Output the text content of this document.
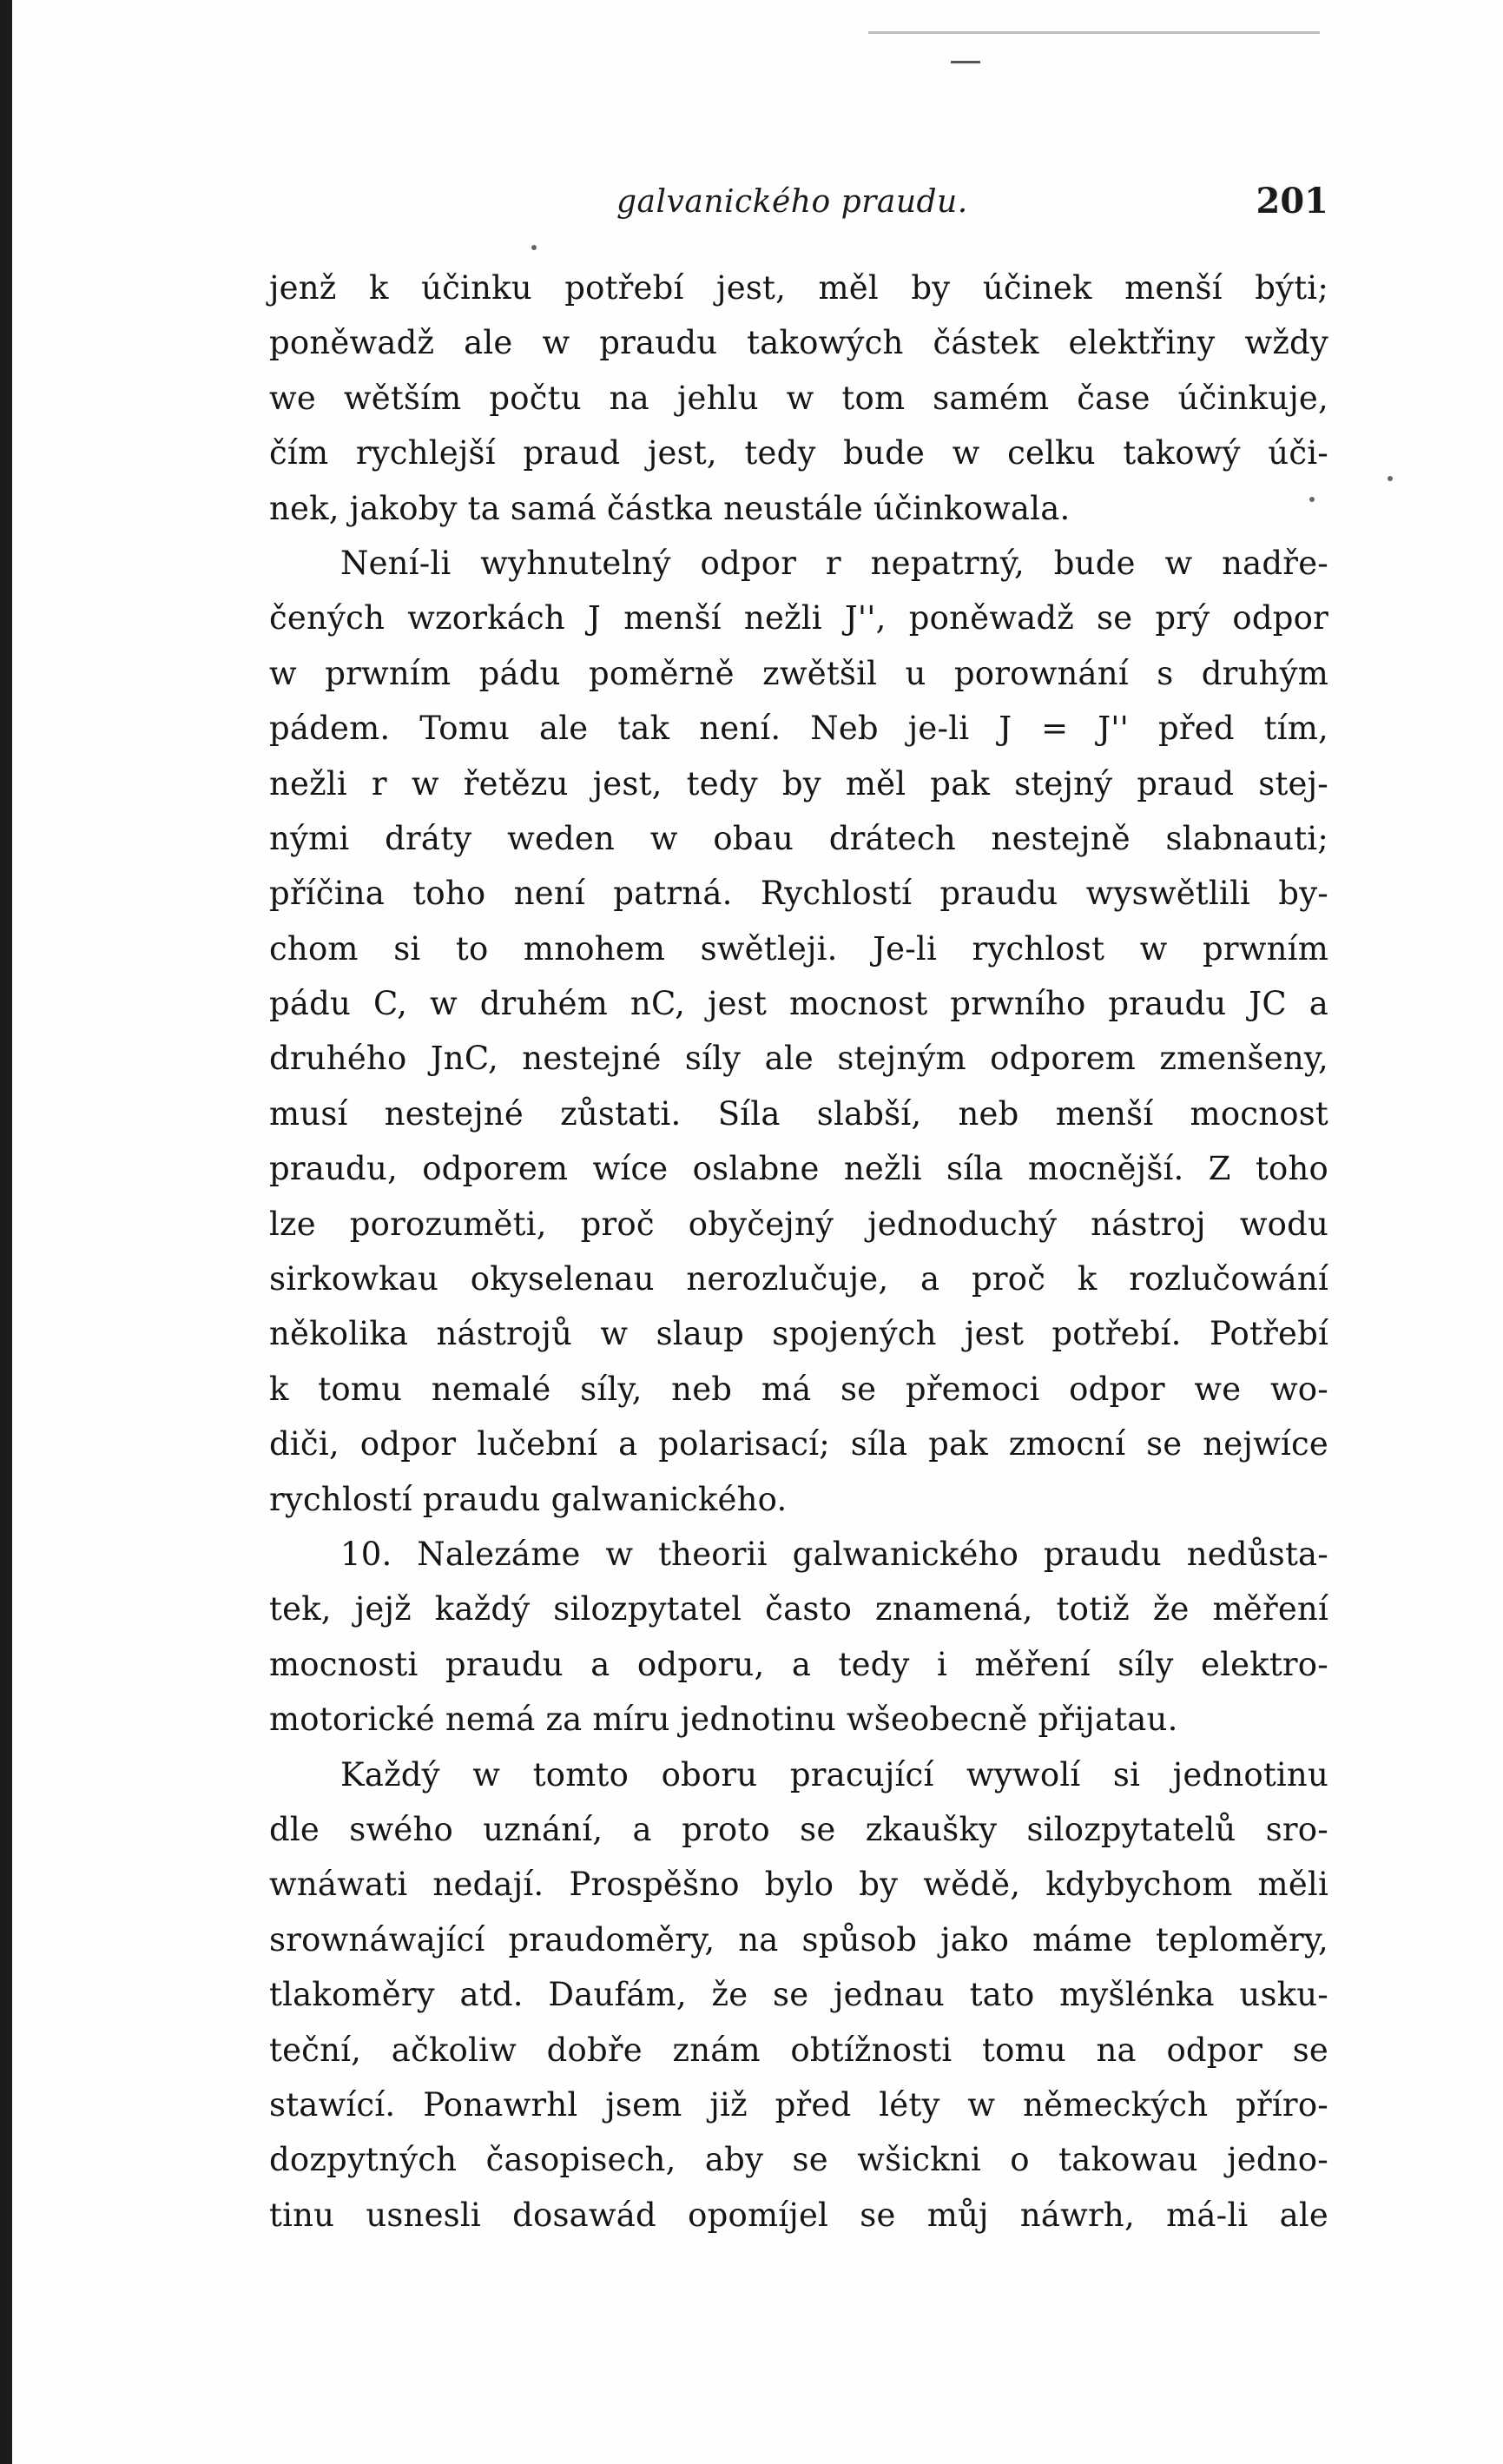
galvanického praudu.	201
jenž k účinku potřebí jest, měl by účinek menší býti;
poněwadž ale w praudu takowých částek elektřiny wždy
we wětším počtu na jehlu w tom samém čase účinkuje,
čím rychlejší praud jest, tedy bude w celku takowý úči-
nek, jakoby ta samá částka neustále účinkowala.
Není-li wyhnutelný odpor r nepatrný, bude w nadře-
čených wzorkách J menší nežli J'', poněwadž se prý odpor
w prwním pádu poměrně zwětšil u porownání s druhým
pádem. Tomu ale tak není. Neb je-li J = J'' před tím,
nežli r w řetězu jest, tedy by měl pak stejný praud stej-
nými dráty weden w obau drátech nestejně slabnauti;
příčina toho není patrná. Rychlostí praudu wyswětlili by-
chom si to mnohem swětleji. Je-li rychlost w prwním
pádu C, w druhém nC, jest mocnost prwního praudu JC a
druhého JnC, nestejné síly ale stejným odporem zmenšeny,
musí nestejné zůstati. Síla slabší, neb menší mocnost
praudu, odporem wíce oslabne nežli síla mocnější. Z toho
lze porozuměti, proč obyčejný jednoduchý nástroj wodu
sirkowkau okyselenau nerozlučuje, a proč k rozlučowání
několika nástrojů w slaup spojených jest potřebí. Potřebí
k tomu nemalé síly, neb má se přemoci odpor we wo-
diči, odpor lučební a polarisací; síla pak zmocní se nejwíce
rychlostí praudu galwanického.
10. Nalezáme w theorii galwanického praudu nedůsta-
tek, jejž každý silozpytatel často znamená, totiž že měření
mocnosti praudu a odporu, a tedy i měření síly elektro-
motorické nemá za míru jednotinu wšeobecně přijatau.
Každý w tomto oboru pracující wywolí si jednotinu
dle swého uznání, a proto se zkaušky silozpytatelů sro-
wnáwati nedají. Prospěšno bylo by wědě, kdybychom měli
srownáwající praudoměry, na spůsob jako máme teploměry,
tlakoměry atd. Daufám, že se jednau tato myšlénka usku-
teční, ačkoliw dobře znám obtížnosti tomu na odpor se
stawící. Ponawrhl jsem již před léty w německých příro-
dozpytných časopisech, aby se wšickni o takowau jedno-
tinu usnesli dosawád opomíjel se můj náwrh, má-li ale
